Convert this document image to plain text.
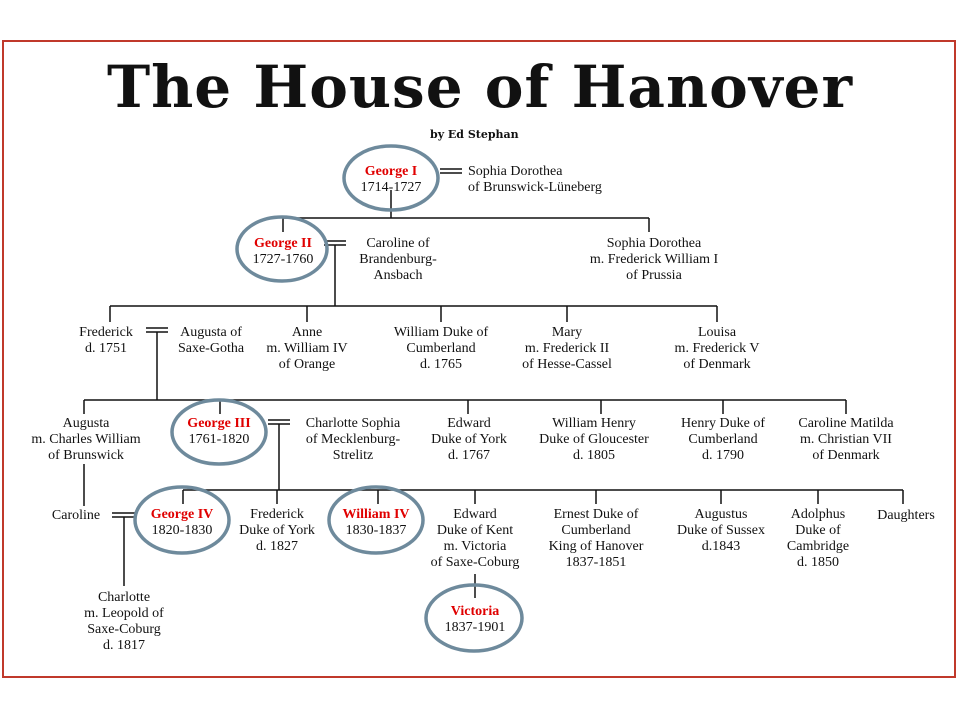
The House of Hanover
by Ed Stephan
George I
1714-1727
Sophia Dorothea
of Brunswick-Lüneberg
George II
1727-1760
Caroline of
Brandenburg-
Ansbach
Sophia Dorothea
m. Frederick William I
of Prussia
Frederick
d. 1751
Augusta of
Saxe-Gotha
Anne
m. William IV
of Orange
William Duke of
Cumberland
d. 1765
Mary
m. Frederick II
of Hesse-Cassel
Louisa
m. Frederick V
of Denmark
Augusta
m. Charles William
of Brunswick
George III
1761-1820
Charlotte Sophia
of Mecklenburg-
Strelitz
Edward
Duke of York
d. 1767
William Henry
Duke of Gloucester
d. 1805
Henry Duke of
Cumberland
d. 1790
Caroline Matilda
m. Christian VII
of Denmark
Caroline	George IV
1820-1830
Frederick
Duke of York
d. 1827
William IV
1830-1837
Edward
Duke of Kent
m. Victoria
of Saxe-Coburg
Ernest Duke of
Cumberland
King of Hanover
1837-1851
Augustus
Duke of Sussex
d.1843
Adolphus
Duke of
Cambridge
d. 1850
Daughters
Charlotte
m. Leopold of
Saxe-Coburg
d. 1817
Victoria
1837-1901
